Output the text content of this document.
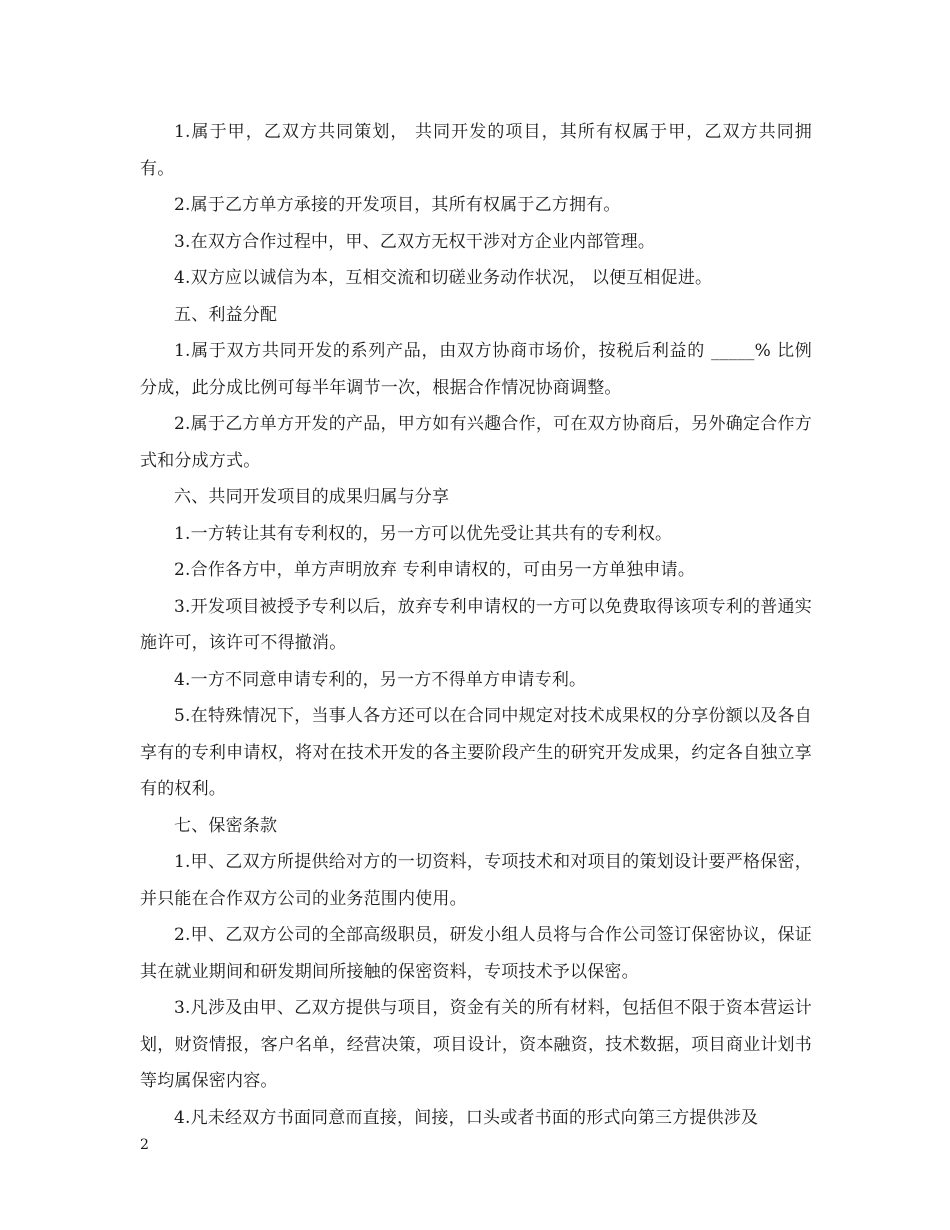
1.属于甲，乙双方共同策划， 共同开发的项目，其所有权属于甲，乙双方共同拥有。

2.属于乙方单方承接的开发项目，其所有权属于乙方拥有。

3.在双方合作过程中，甲、乙双方无权干涉对方企业内部管理。

4.双方应以诚信为本，互相交流和切磋业务动作状况， 以便互相促进。

五、利益分配

1.属于双方共同开发的系列产品，由双方协商市场价，按税后利益的 _____% 比例分成，此分成比例可每半年调节一次，根据合作情况协商调整。

2.属于乙方单方开发的产品，甲方如有兴趣合作，可在双方协商后，另外确定合作方式和分成方式。

六、共同开发项目的成果归属与分享

1.一方转让其有专利权的，另一方可以优先受让其共有的专利权。

2.合作各方中，单方声明放弃 专利申请权的，可由另一方单独申请。

3.开发项目被授予专利以后，放弃专利申请权的一方可以免费取得该项专利的普通实施许可，该许可不得撤消。

4.一方不同意申请专利的，另一方不得单方申请专利。

5.在特殊情况下，当事人各方还可以在合同中规定对技术成果权的分享份额以及各自享有的专利申请权，将对在技术开发的各主要阶段产生的研究开发成果，约定各自独立享有的权利。

七、保密条款

1.甲、乙双方所提供给对方的一切资料，专项技术和对项目的策划设计要严格保密，并只能在合作双方公司的业务范围内使用。

2.甲、乙双方公司的全部高级职员，研发小组人员将与合作公司签订保密协议，保证其在就业期间和研发期间所接触的保密资料，专项技术予以保密。

3.凡涉及由甲、乙双方提供与项目，资金有关的所有材料，包括但不限于资本营运计划，财资情报，客户名单，经营决策，项目设计，资本融资，技术数据，项目商业计划书等均属保密内容。

4.凡未经双方书面同意而直接，间接，口头或者书面的形式向第三方提供涉及

2
